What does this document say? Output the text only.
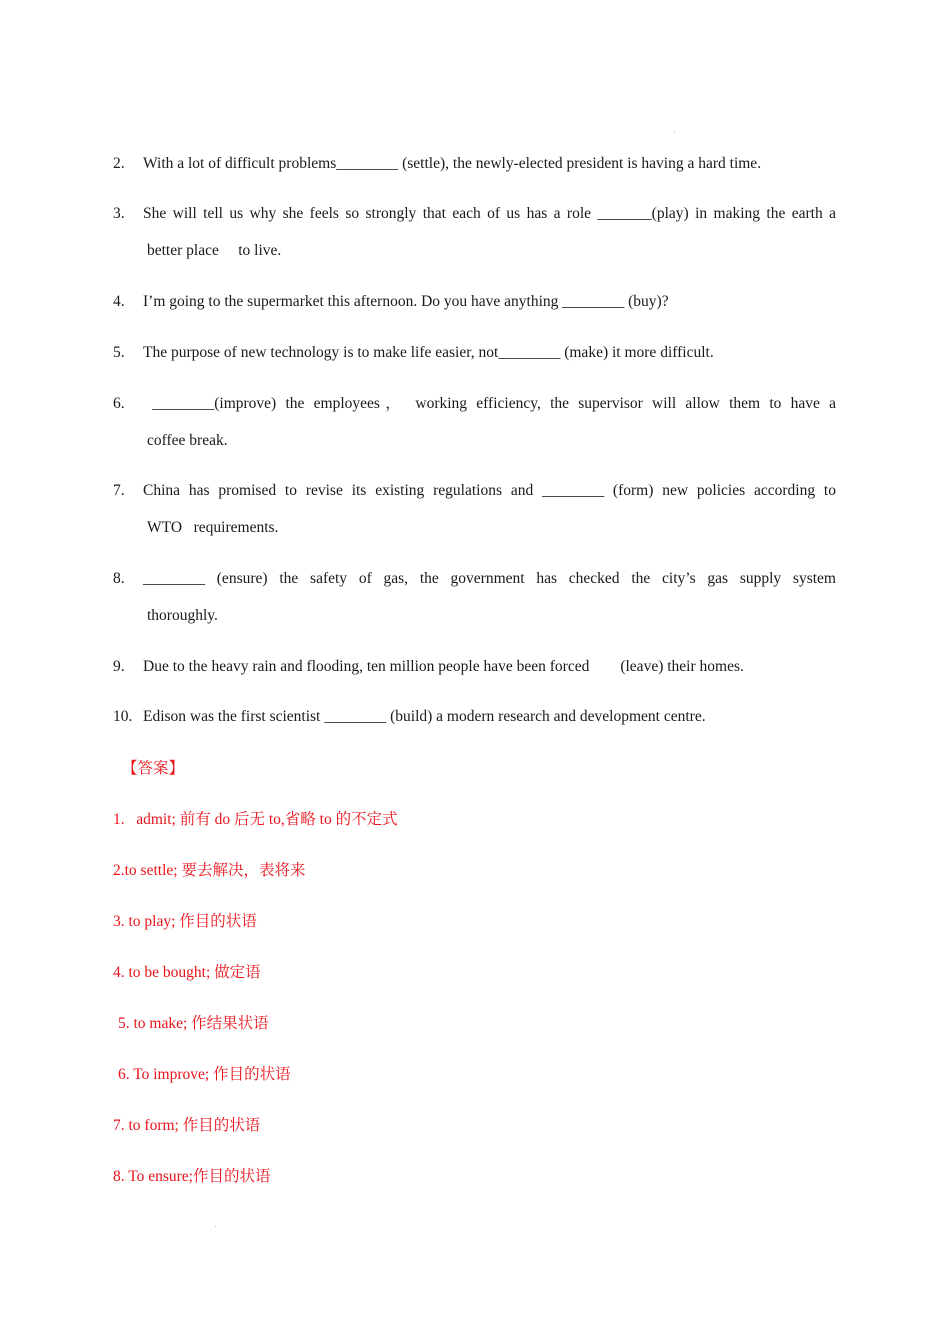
2.	With a lot of difficult problems________ (settle), the newly-elected president is having a hard time.
3.	She will tell us why she feels so strongly that each of us has a role _______(play) in making the earth a
better place     to live.
4.	I’m going to the supermarket this afternoon. Do you have anything ________ (buy)?
5.	The purpose of new technology is to make life easier, not________ (make) it more difficult.
6.	________(improve) the employees， working efficiency, the supervisor will allow them to have a
coffee break.
7.	China has promised to revise its existing regulations and ________ (form) new policies according to
WTO   requirements.
8.	________ (ensure) the safety of gas, the government has checked the city’s gas supply system
thoroughly.
9.	Due to the heavy rain and flooding, ten million people have been forced        (leave) their homes.
10. Edison was the first scientist ________ (build) a modern research and development centre.
【答案】
1.   admit; 前有 do 后无 to,省略 to 的不定式
2.to settle; 要去解决，表将来
3. to play; 作目的状语
4. to be bought; 做定语
5. to make; 作结果状语
6. To improve; 作目的状语
7. to form; 作目的状语
8. To ensure;作目的状语
